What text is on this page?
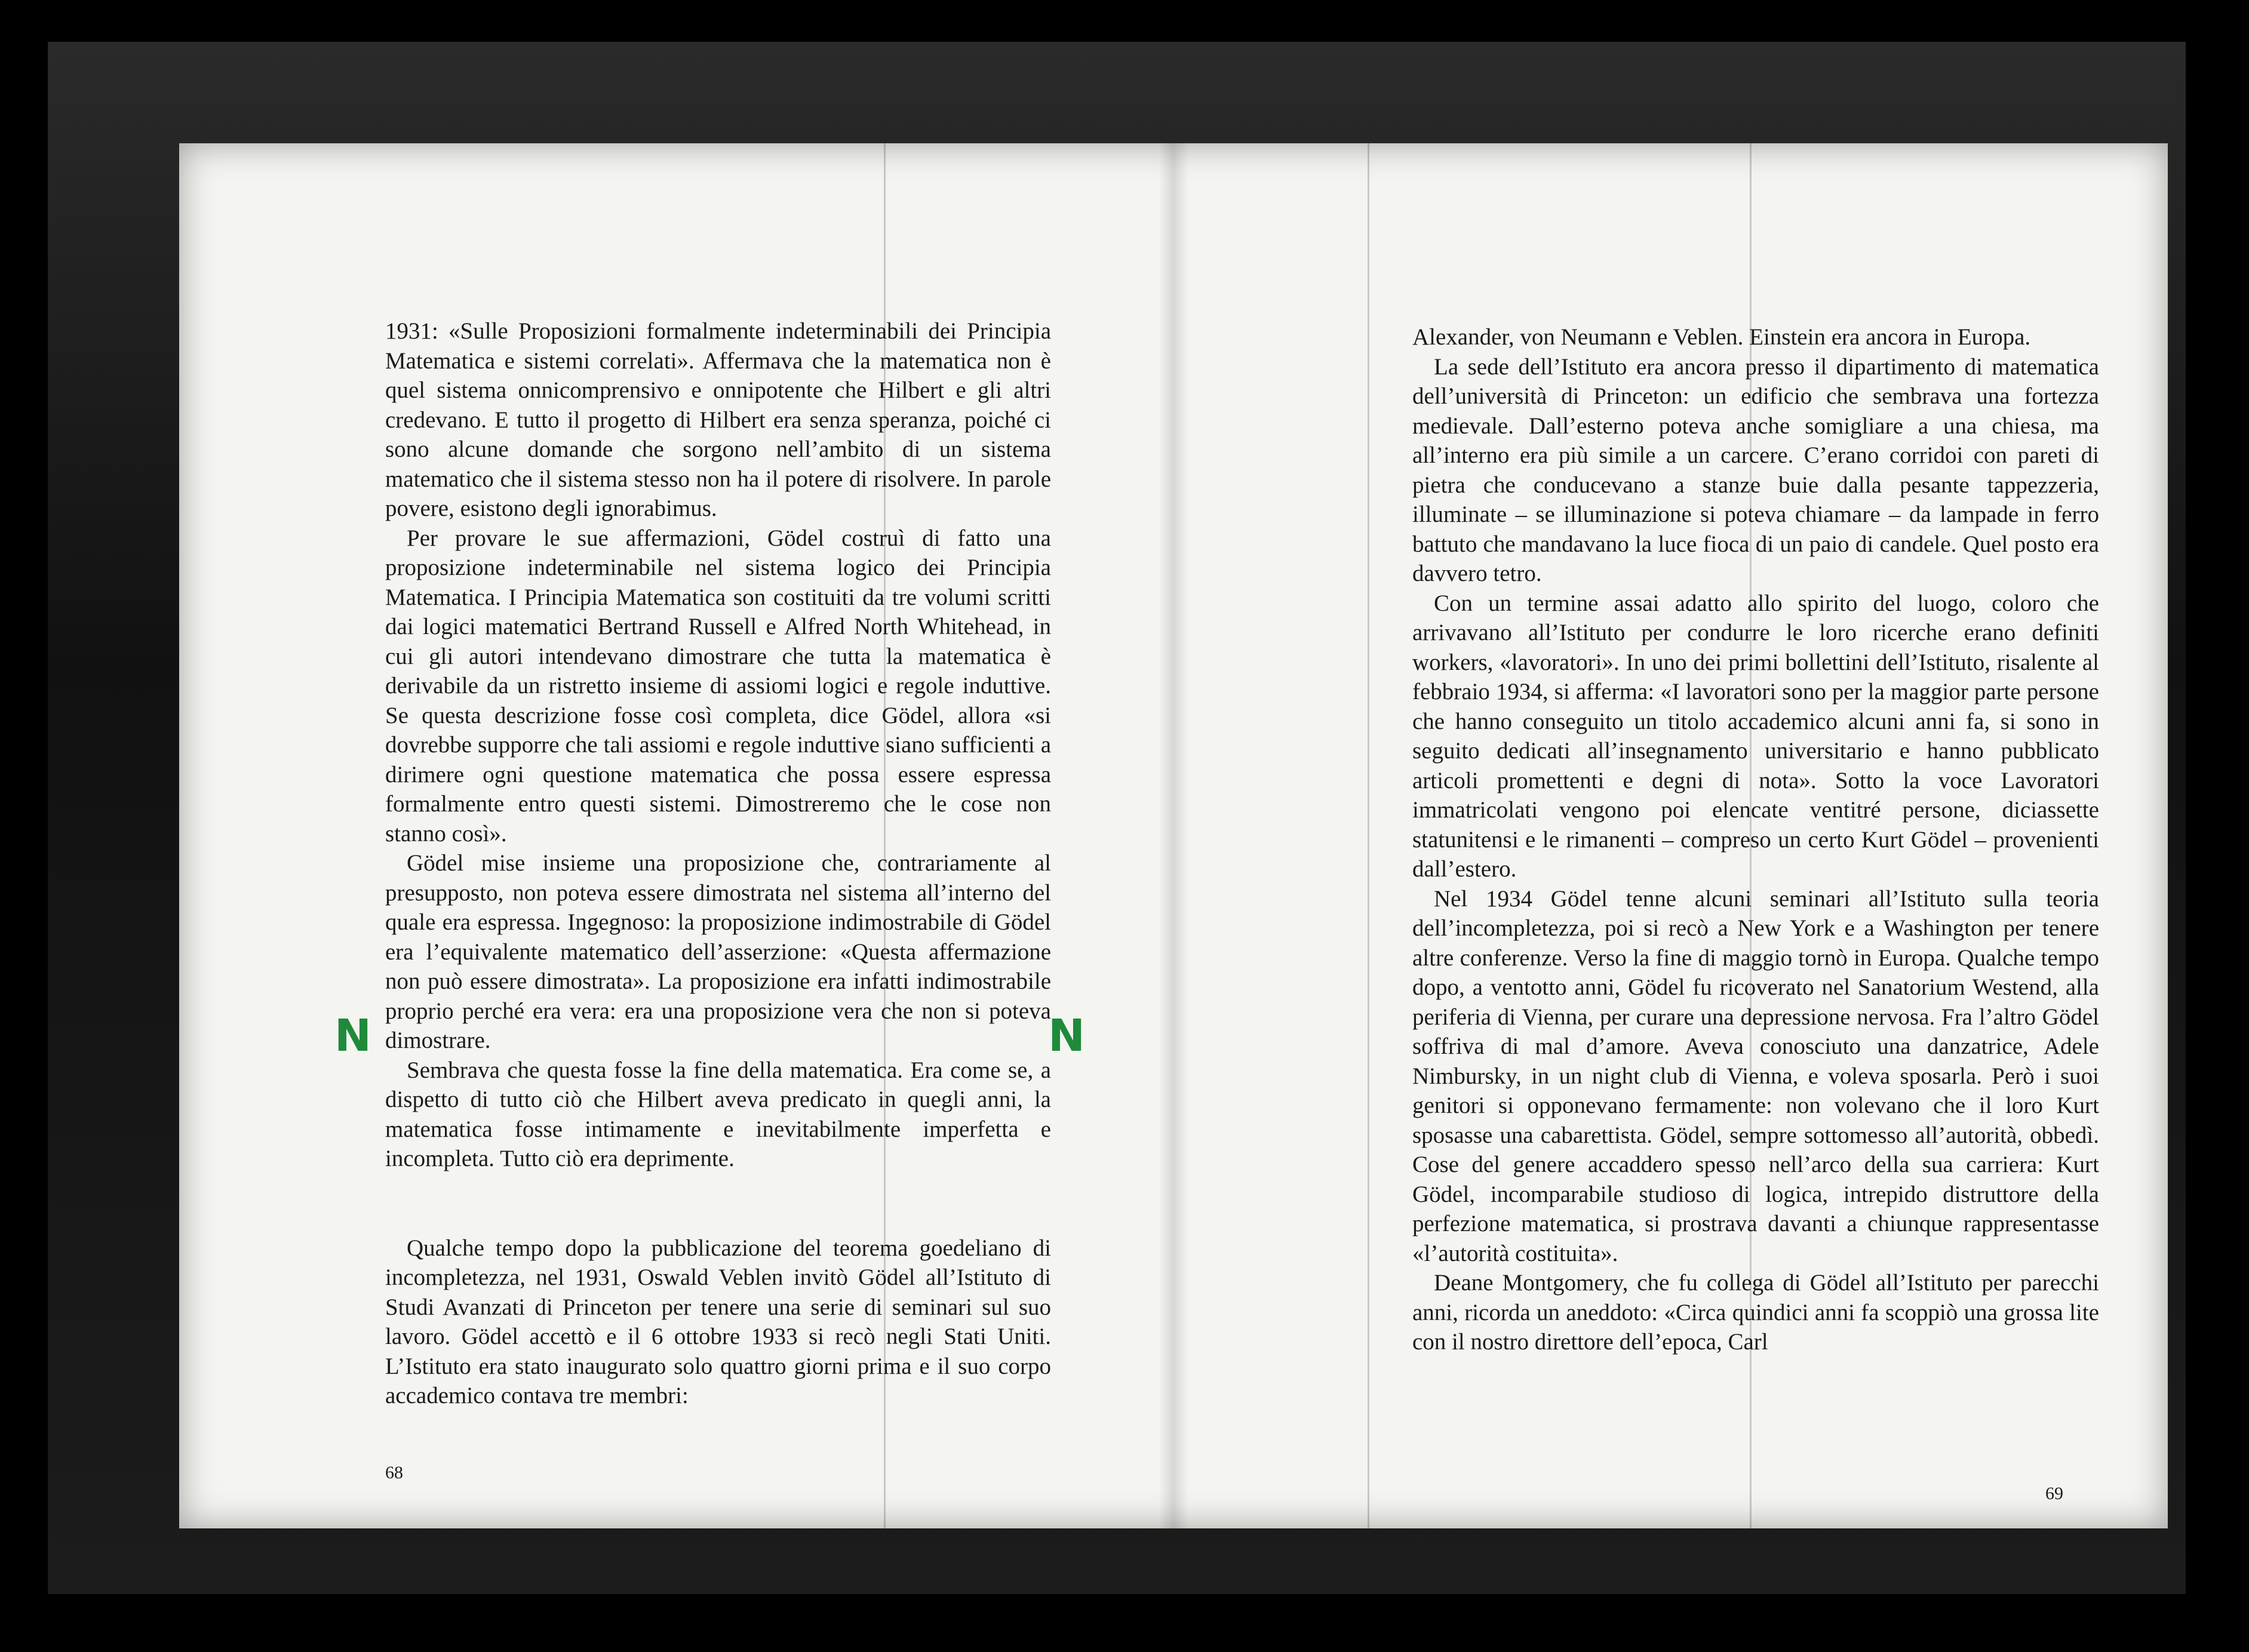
1931: «Sulle Proposizioni formalmente indeterminabili dei Principia Matematica e sistemi correlati». Affermava che la matematica non è quel sistema onnicomprensivo e onnipotente che Hilbert e gli altri credevano. E tutto il progetto di Hilbert era senza speranza, poiché ci sono alcune domande che sorgono nell’ambito di un sistema matematico che il sistema stesso non ha il potere di risolvere. In parole povere, esistono degli ignorabimus.

Per provare le sue affermazioni, Gödel costruì di fatto una proposizione indeterminabile nel sistema logico dei Principia Matematica. I Principia Matematica son costituiti da tre volumi scritti dai logici matematici Bertrand Russell e Alfred North Whitehead, in cui gli autori intendevano dimostrare che tutta la matematica è derivabile da un ristretto insieme di assiomi logici e regole induttive. Se questa descrizione fosse così completa, dice Gödel, allora «si dovrebbe supporre che tali assiomi e regole induttive siano sufficienti a dirimere ogni questione matematica che possa essere espressa formalmente entro questi sistemi. Dimostreremo che le cose non stanno così».

Gödel mise insieme una proposizione che, contrariamente al presupposto, non poteva essere dimostrata nel sistema all’interno del quale era espressa. Ingegnoso: la proposizione indimostrabile di Gödel era l’equivalente matematico dell’asserzione: «Questa affermazione non può essere dimostrata». La proposizione era infatti indimostrabile proprio perché era vera: era una proposizione vera che non si poteva dimostrare.

Sembrava che questa fosse la fine della matematica. Era come se, a dispetto di tutto ciò che Hilbert aveva predicato in quegli anni, la matematica fosse intimamente e inevitabilmente imperfetta e incompleta. Tutto ciò era deprimente.

Qualche tempo dopo la pubblicazione del teorema goedeliano di incompletezza, nel 1931, Oswald Veblen invitò Gödel all’Istituto di Studi Avanzati di Princeton per tenere una serie di seminari sul suo lavoro. Gödel accettò e il 6 ottobre 1933 si recò negli Stati Uniti. L’Istituto era stato inaugurato solo quattro giorni prima e il suo corpo accademico contava tre membri:

68
N	N

Alexander, von Neumann e Veblen. Einstein era ancora in Europa.

La sede dell’Istituto era ancora presso il dipartimento di matematica dell’università di Princeton: un edificio che sembrava una fortezza medievale. Dall’esterno poteva anche somigliare a una chiesa, ma all’interno era più simile a un carcere. C’erano corridoi con pareti di pietra che conducevano a stanze buie dalla pesante tappezzeria, illuminate – se illuminazione si poteva chiamare – da lampade in ferro battuto che mandavano la luce fioca di un paio di candele. Quel posto era davvero tetro.

Con un termine assai adatto allo spirito del luogo, coloro che arrivavano all’Istituto per condurre le loro ricerche erano definiti workers, «lavoratori». In uno dei primi bollettini dell’Istituto, risalente al febbraio 1934, si afferma: «I lavoratori sono per la maggior parte persone che hanno conseguito un titolo accademico alcuni anni fa, si sono in seguito dedicati all’insegnamento universitario e hanno pubblicato articoli promettenti e degni di nota». Sotto la voce Lavoratori immatricolati vengono poi elencate ventitré persone, diciassette statunitensi e le rimanenti – compreso un certo Kurt Gödel – provenienti dall’estero.

Nel 1934 Gödel tenne alcuni seminari all’Istituto sulla teoria dell’incompletezza, poi si recò a New York e a Washington per tenere altre conferenze. Verso la fine di maggio tornò in Europa. Qualche tempo dopo, a ventotto anni, Gödel fu ricoverato nel Sanatorium Westend, alla periferia di Vienna, per curare una depressione nervosa. Fra l’altro Gödel soffriva di mal d’amore. Aveva conosciuto una danzatrice, Adele Nimbursky, in un night club di Vienna, e voleva sposarla. Però i suoi genitori si opponevano fermamente: non volevano che il loro Kurt sposasse una cabarettista. Gödel, sempre sottomesso all’autorità, obbedì. Cose del genere accaddero spesso nell’arco della sua carriera: Kurt Gödel, incomparabile studioso di logica, intrepido distruttore della perfezione matematica, si prostrava davanti a chiunque rappresentasse «l’autorità costituita».

Deane Montgomery, che fu collega di Gödel all’Istituto per parecchi anni, ricorda un aneddoto: «Circa quindici anni fa scoppiò una grossa lite con il nostro direttore dell’epoca, Carl

69
